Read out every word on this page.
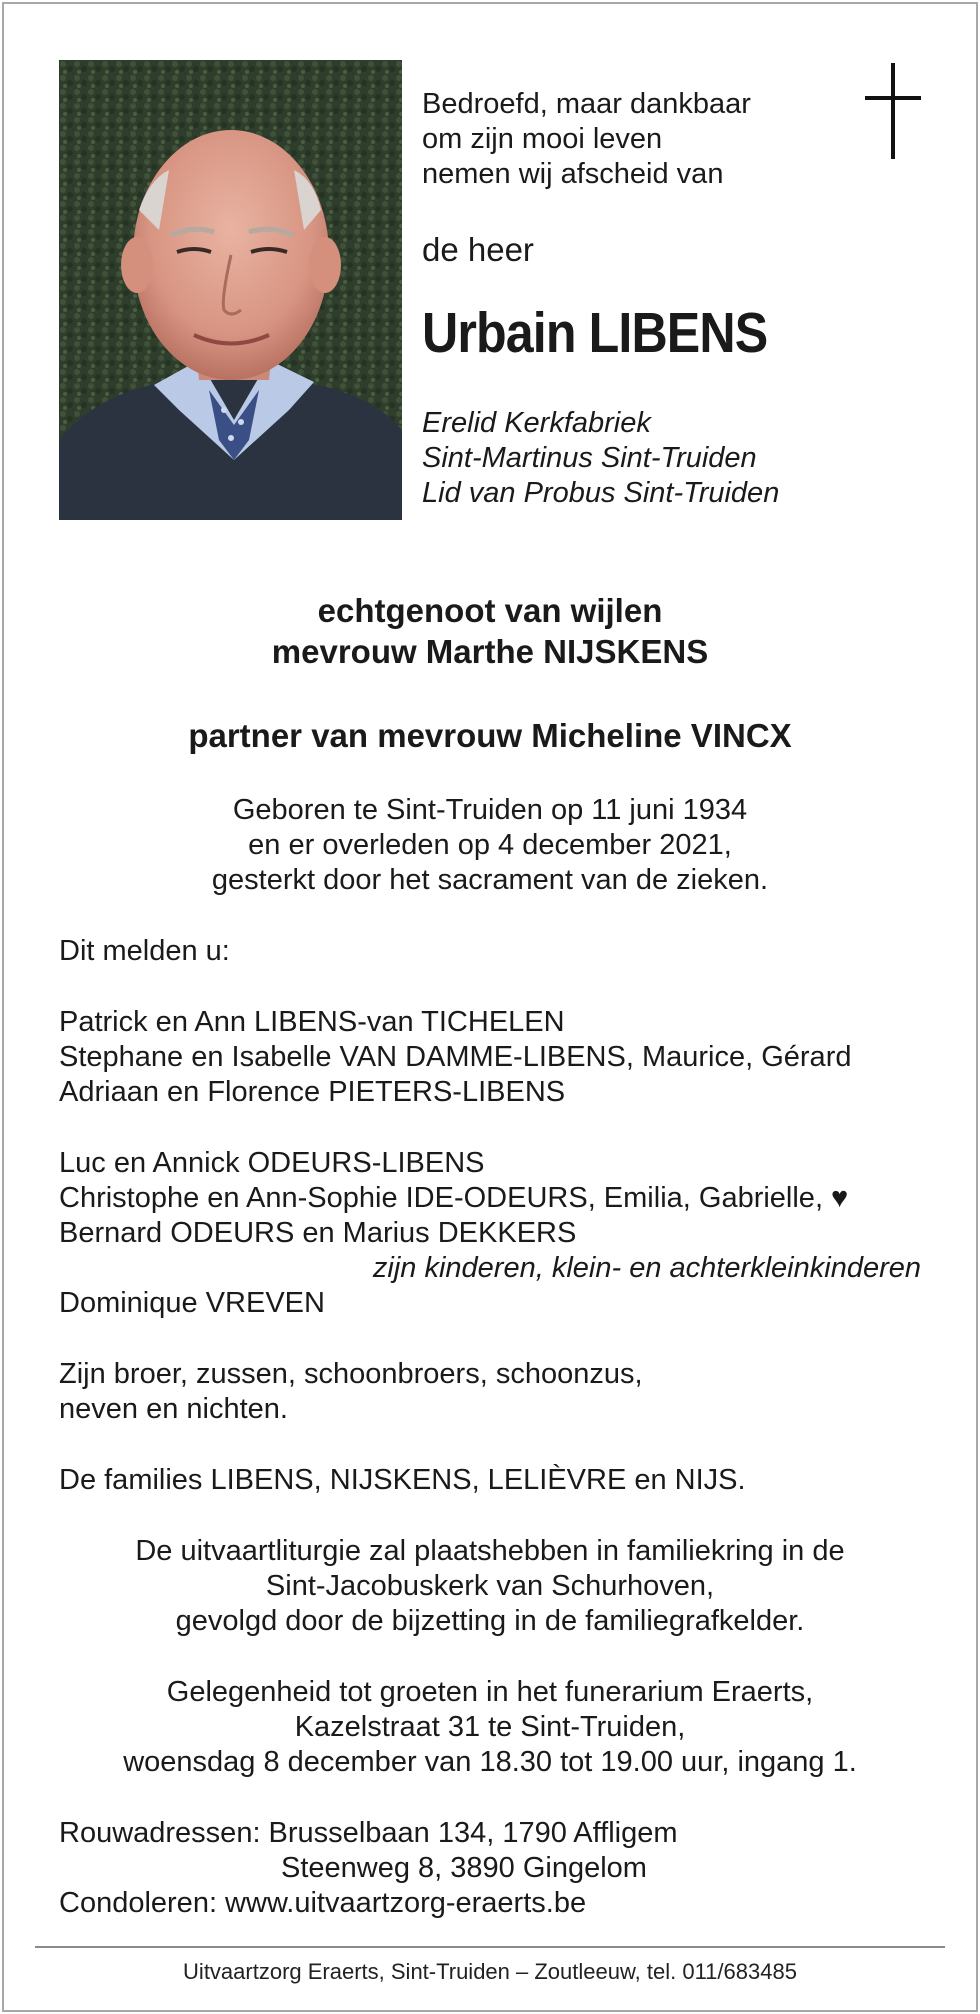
Bedroefd, maar dankbaar
om zijn mooi leven
nemen wij afscheid van
de heer
Urbain LIBENS
Erelid Kerkfabriek
Sint-Martinus Sint-Truiden
Lid van Probus Sint-Truiden
echtgenoot van wijlen
mevrouw Marthe NIJSKENS
partner van mevrouw Micheline VINCX
Geboren te Sint-Truiden op 11 juni 1934
en er overleden op 4 december 2021,
gesterkt door het sacrament van de zieken.
Dit melden u:
Patrick en Ann LIBENS-van TICHELEN
Stephane en Isabelle VAN DAMME-LIBENS, Maurice, Gérard
Adriaan en Florence PIETERS-LIBENS
Luc en Annick ODEURS-LIBENS
Christophe en Ann-Sophie IDE-ODEURS, Emilia, Gabrielle, ♥
Bernard ODEURS en Marius DEKKERS
zijn kinderen, klein- en achterkleinkinderen
Dominique VREVEN
Zijn broer, zussen, schoonbroers, schoonzus,
neven en nichten.
De families LIBENS, NIJSKENS, LELIÈVRE en NIJS.
De uitvaartliturgie zal plaatshebben in familiekring in de
Sint-Jacobuskerk van Schurhoven,
gevolgd door de bijzetting in de familiegrafkelder.
Gelegenheid tot groeten in het funerarium Eraerts,
Kazelstraat 31 te Sint-Truiden,
woensdag 8 december van 18.30 tot 19.00 uur, ingang 1.
Rouwadressen: Brusselbaan 134, 1790 Affligem
Steenweg 8, 3890 Gingelom
Condoleren: www.uitvaartzorg-eraerts.be
Uitvaartzorg Eraerts, Sint-Truiden – Zoutleeuw, tel. 011/683485
